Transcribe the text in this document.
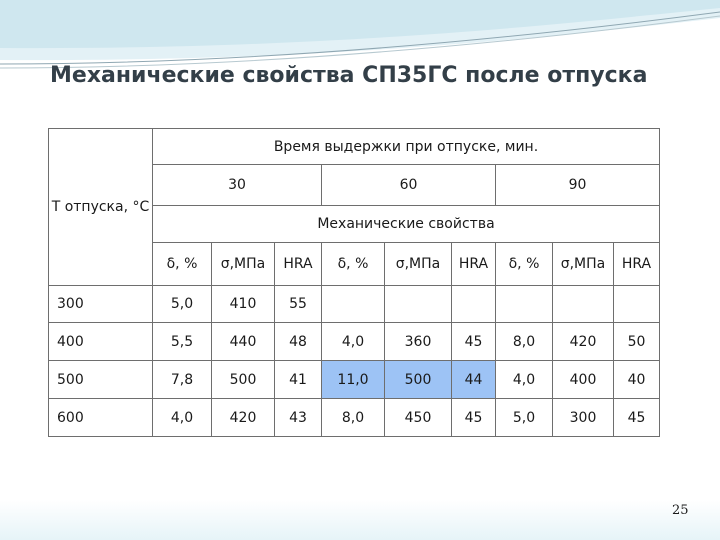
Механические свойства СП35ГС после отпуска
Т отпуска, °С	Время выдержки при отпуске, мин.								
	30			60			90		
	Механические свойства								
	δ, %	σ,МПа	HRA	δ, %	σ,МПа	HRA	δ, %	σ,МПа	HRA
300	5,0	410	55						
400	5,5	440	48	4,0	360	45	8,0	420	50
500	7,8	500	41	11,0	500	44	4,0	400	40
600	4,0	420	43	8,0	450	45	5,0	300	45
25
